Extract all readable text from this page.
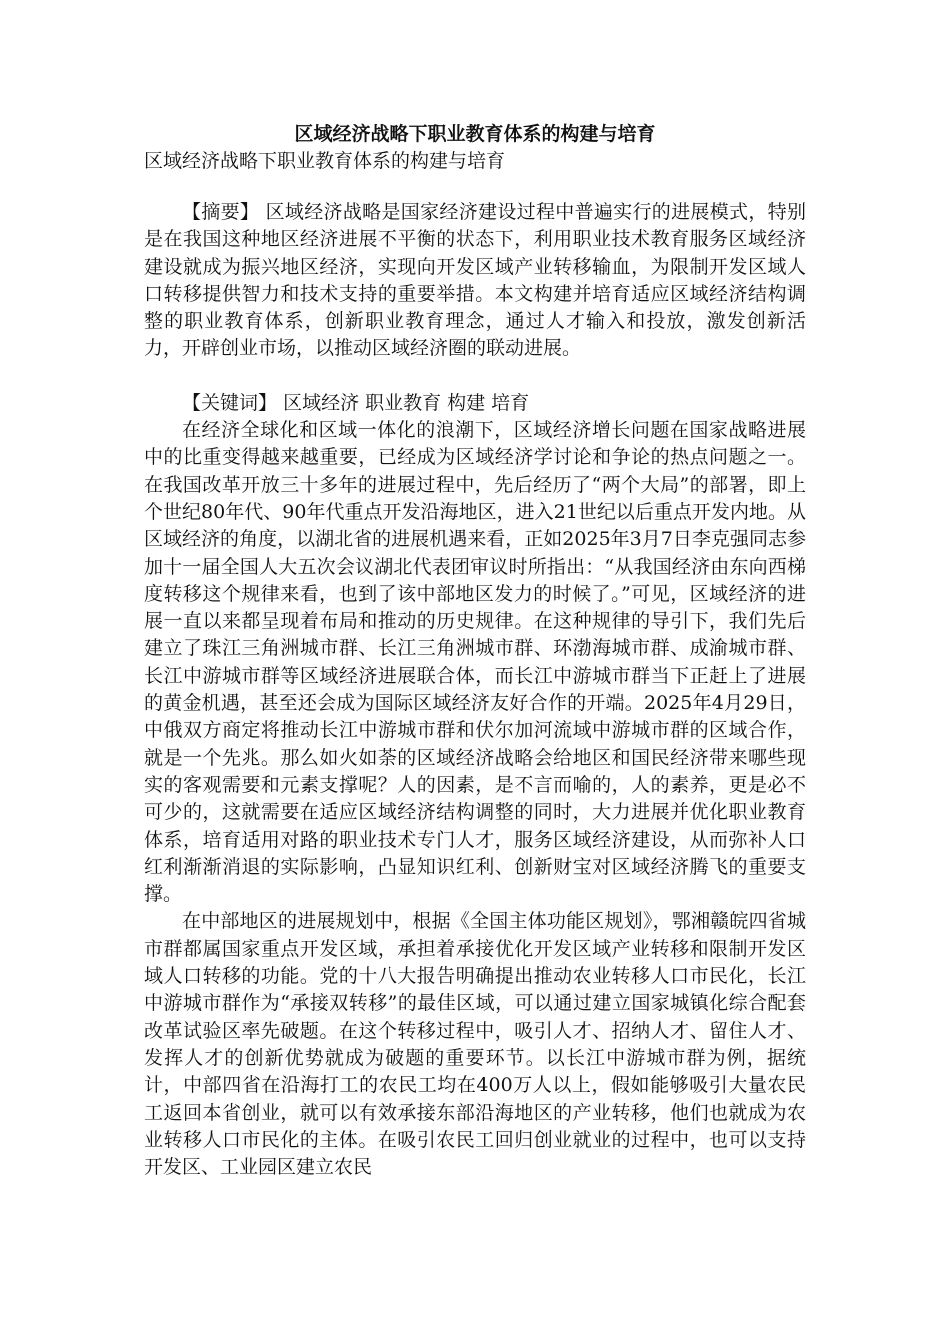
区域经济战略下职业教育体系的构建与培育

区域经济战略下职业教育体系的构建与培育

【摘要】 区域经济战略是国家经济建设过程中普遍实行的进展模式，特别是在我国这种地区经济进展不平衡的状态下，利用职业技术教育服务区域经济建设就成为振兴地区经济，实现向开发区域产业转移输血，为限制开发区域人口转移提供智力和技术支持的重要举措。本文构建并培育适应区域经济结构调整的职业教育体系，创新职业教育理念，通过人才输入和投放，激发创新活力，开辟创业市场，以推动区域经济圈的联动进展。

【关键词】 区域经济 职业教育 构建 培育

在经济全球化和区域一体化的浪潮下，区域经济增长问题在国家战略进展中的比重变得越来越重要，已经成为区域经济学讨论和争论的热点问题之一。在我国改革开放三十多年的进展过程中，先后经历了“两个大局”的部署，即上个世纪80年代、90年代重点开发沿海地区，进入21世纪以后重点开发内地。从区域经济的角度，以湖北省的进展机遇来看，正如2025年3月7日李克强同志参加十一届全国人大五次会议湖北代表团审议时所指出：“从我国经济由东向西梯度转移这个规律来看，也到了该中部地区发力的时候了。”可见，区域经济的进展一直以来都呈现着布局和推动的历史规律。在这种规律的导引下，我们先后建立了珠江三角洲城市群、长江三角洲城市群、环渤海城市群、成渝城市群、长江中游城市群等区域经济进展联合体，而长江中游城市群当下正赶上了进展的黄金机遇，甚至还会成为国际区域经济友好合作的开端。2025年4月29日，中俄双方商定将推动长江中游城市群和伏尔加河流域中游城市群的区域合作，就是一个先兆。那么如火如荼的区域经济战略会给地区和国民经济带来哪些现实的客观需要和元素支撑呢？人的因素，是不言而喻的，人的素养，更是必不可少的，这就需要在适应区域经济结构调整的同时，大力进展并优化职业教育体系，培育适用对路的职业技术专门人才，服务区域经济建设，从而弥补人口红利渐渐消退的实际影响，凸显知识红利、创新财宝对区域经济腾飞的重要支撑。

在中部地区的进展规划中，根据《全国主体功能区规划》，鄂湘赣皖四省城市群都属国家重点开发区域，承担着承接优化开发区域产业转移和限制开发区域人口转移的功能。党的十八大报告明确提出推动农业转移人口市民化，长江中游城市群作为“承接双转移”的最佳区域，可以通过建立国家城镇化综合配套改革试验区率先破题。在这个转移过程中，吸引人才、招纳人才、留住人才、发挥人才的创新优势就成为破题的重要环节。以长江中游城市群为例，据统计，中部四省在沿海打工的农民工均在400万人以上，假如能够吸引大量农民工返回本省创业，就可以有效承接东部沿海地区的产业转移，他们也就成为农业转移人口市民化的主体。在吸引农民工回归创业就业的过程中，也可以支持开发区、工业园区建立农民
